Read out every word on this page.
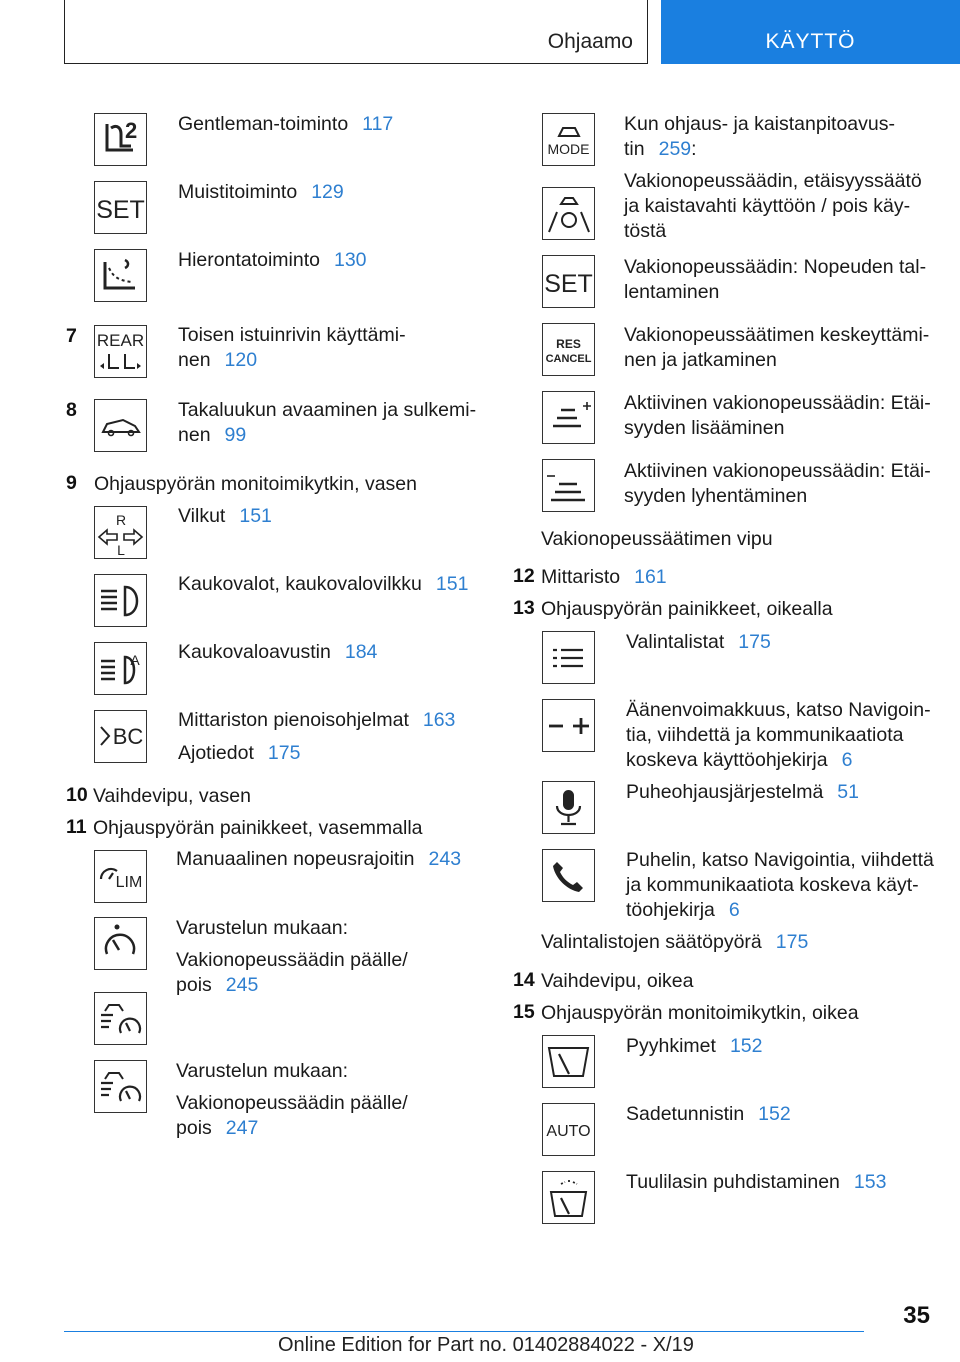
Ohjaamo	KÄYTTÖ
2 Gentleman-toiminto 117
SET
Muistitoiminto 129
Hierontatoiminto 130
7 REAR Toisen istuinrivin käyttämi-
nen 120
8	Takaluukun avaaminen ja sulkemi-
nen 99
9 Ohjauspyörän monitoimikytkin, vasen
R
L
Vilkut 151
Kaukovalot, kaukovalovilkku 151
A Kaukovaloavustin 184
BC
Mittariston pienoisohjelmat 163
Ajotiedot 175
10 Vaihdevipu, vasen
11 Ohjauspyörän painikkeet, vasemmalla
LIM
Manuaalinen nopeusrajoitin 243
Varustelun mukaan:
Vakionopeussäädin päälle/
pois 245
Varustelun mukaan:
Vakionopeussäädin päälle/
pois 247
MODE
Kun ohjaus- ja kaistanpitoavus-
tin 259:
Vakionopeussäädin, etäisyyssäätö
ja kaistavahti käyttöön / pois käy-
töstä
SET
Vakionopeussäädin: Nopeuden tal-
lentaminen
RES
CANCEL
Vakionopeussäätimen keskeyttämi-
nen ja jatkaminen
Aktiivinen vakionopeussäädin: Etäi-
syyden lisääminen
Aktiivinen vakionopeussäädin: Etäi-
syyden lyhentäminen
Vakionopeussäätimen vipu
12 Mittaristo 161
13 Ohjauspyörän painikkeet, oikealla
Valintalistat 175
Äänenvoimakkuus, katso Navigoin-
tia, viihdettä ja kommunikaatiota
koskeva käyttöohjekirja 6
Puheohjausjärjestelmä 51
Puhelin, katso Navigointia, viihdettä
ja kommunikaatiota koskeva käyt-
töohjekirja 6
Valintalistojen säätöpyörä 175
14 Vaihdevipu, oikea
15 Ohjauspyörän monitoimikytkin, oikea
Pyyhkimet 152
AUTO
Sadetunnistin 152
Tuulilasin puhdistaminen 153
35
Online Edition for Part no. 01402884022 - X/19
